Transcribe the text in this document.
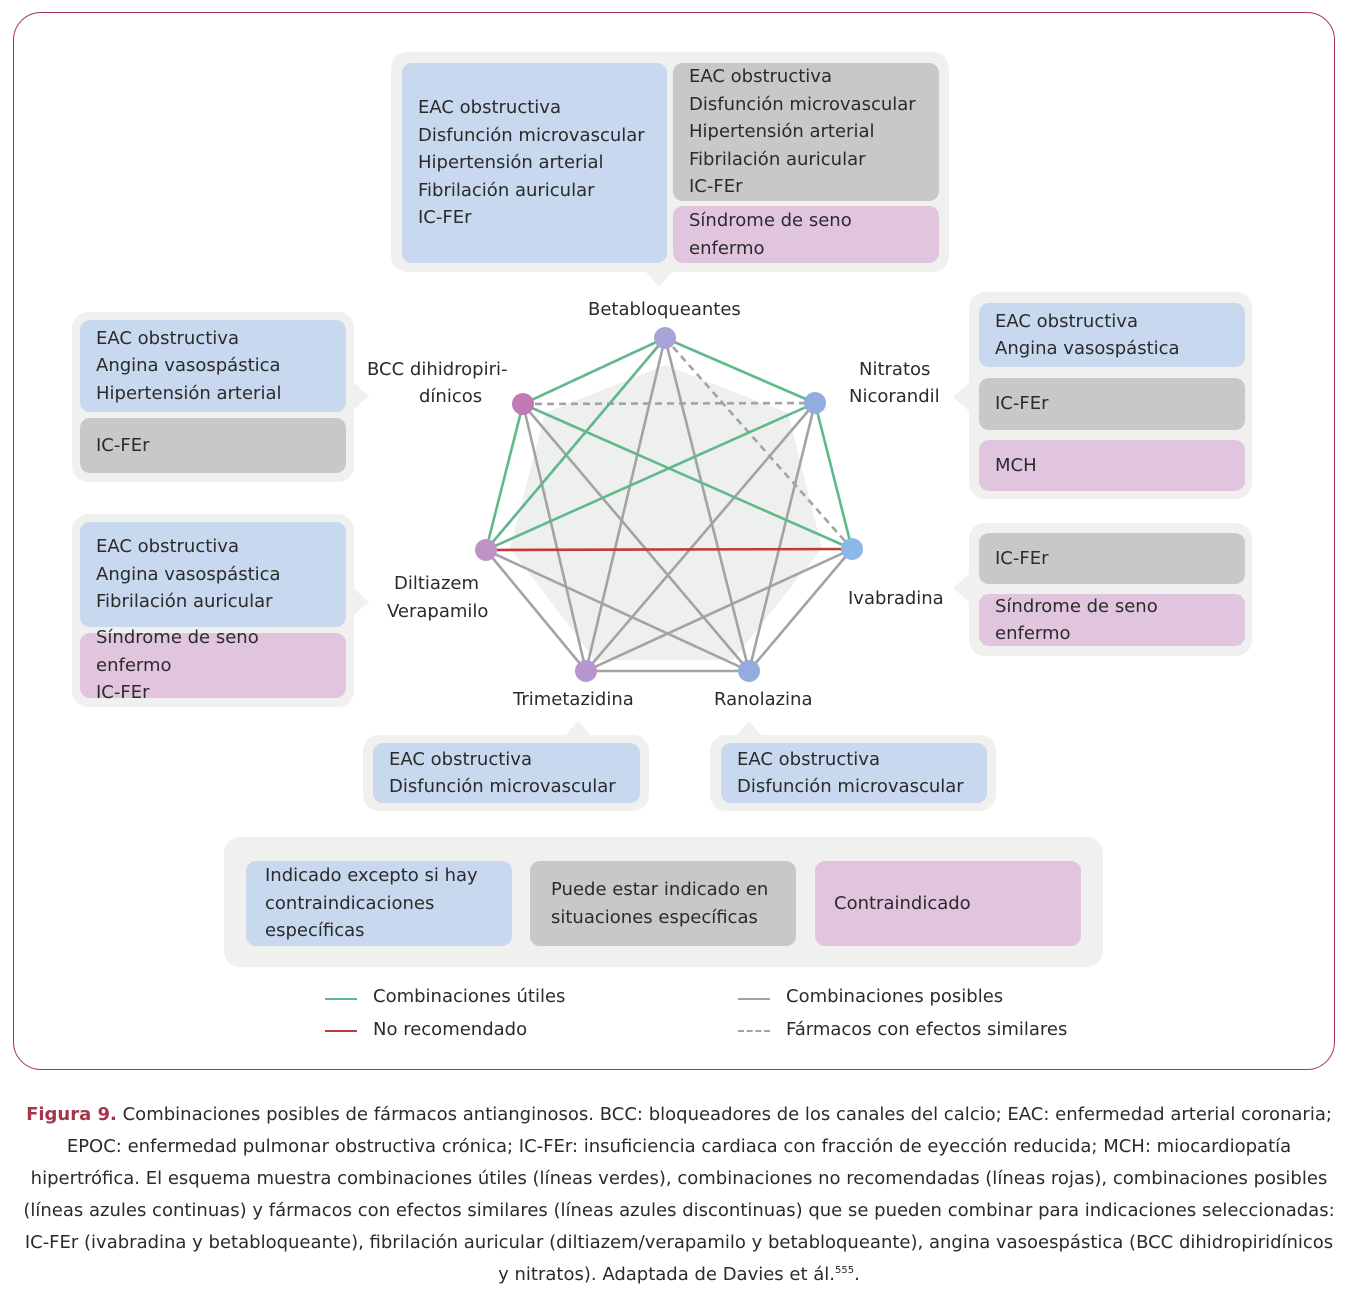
EAC obstructiva
Disfunción microvascular
Hipertensión arterial
Fibrilación auricular
IC-FEr
EAC obstructiva
Disfunción microvascular
Hipertensión arterial
Fibrilación auricular
IC-FEr
Síndrome de seno enfermo
EAC obstructiva
Angina vasospástica
Hipertensión arterial
IC-FEr
EAC obstructiva
Angina vasospástica
Fibrilación auricular
Síndrome de seno enfermo
IC-FEr
EAC obstructiva
Angina vasospástica
IC-FEr
MCH
IC-FEr
Síndrome de seno enfermo
EAC obstructiva
Disfunción microvascular
EAC obstructiva
Disfunción microvascular
Betabloqueantes
Nitratos
Nicorandil
Ivabradina
Ranolazina
Trimetazidina
Diltiazem
Verapamilo
BCC dihidropiri-
dínicos
Indicado excepto si hay
contraindicaciones
específicas
Puede estar indicado en
situaciones específicas
Contraindicado
Combinaciones útiles
No recomendado
Combinaciones posibles
Fármacos con efectos similares
Figura 9. Combinaciones posibles de fármacos antianginosos. BCC: bloqueadores de los canales del calcio; EAC: enfermedad arterial coronaria; EPOC: enfermedad pulmonar obstructiva crónica; IC-FEr: insuficiencia cardiaca con fracción de eyección reducida; MCH: miocardiopatía hipertrófica. El esquema muestra combinaciones útiles (líneas verdes), combinaciones no recomendadas (líneas rojas), combinaciones posibles (líneas azules continuas) y fármacos con efectos similares (líneas azules discontinuas) que se pueden combinar para indicaciones seleccionadas: IC-FEr (ivabradina y betabloqueante), fibrilación auricular (diltiazem/verapamilo y betabloqueante), angina vasoespástica (BCC dihidropiridínicos y nitratos). Adaptada de Davies et ál.$^{555}$.
